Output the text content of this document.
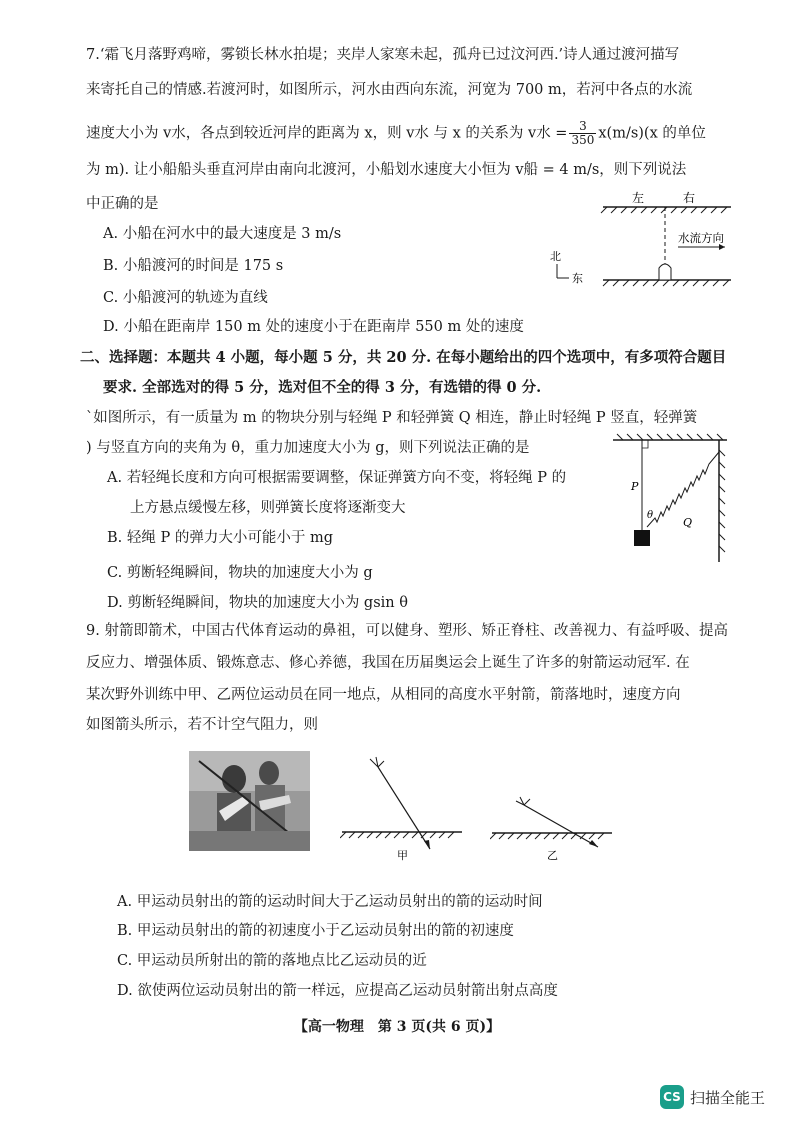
7.‘霜飞月落野鸡啼，雾锁长林水拍堤；夹岸人家寒未起，孤舟已过汶河西.’诗人通过渡河描写
来寄托自己的情感.若渡河时，如图所示，河水由西向东流，河宽为 700 m，若河中各点的水流
速度大小为 v水，各点到较近河岸的距离为 x，则 v水 与 x 的关系为 v水 = $\frac{3}{350} x(m/s)(x$ 的单位
为 m). 让小船船头垂直河岸由南向北渡河，小船划水速度大小恒为 v船 = 4 m/s，则下列说法
中正确的是
A. 小船在河水中的最大速度是 3 m/s
B. 小船渡河的时间是 175 s
C. 小船渡河的轨迹为直线
D. 小船在距南岸 150 m 处的速度小于在距南岸 550 m 处的速度
左	右
水流方向
北
东
二、选择题：本题共 4 小题，每小题 5 分，共 20 分. 在每小题给出的四个选项中，有多项符合题目
要求. 全部选对的得 5 分，选对但不全的得 3 分，有选错的得 0 分.
`如图所示，有一质量为 m 的物块分别与轻绳 P 和轻弹簧 Q 相连，静止时轻绳 P 竖直，轻弹簧
) 与竖直方向的夹角为 θ，重力加速度大小为 g，则下列说法正确的是
A. 若轻绳长度和方向可根据需要调整，保证弹簧方向不变，将轻绳 P 的
上方悬点缓慢左移，则弹簧长度将逐渐变大
B. 轻绳 P 的弹力大小可能小于 mg
C. 剪断轻绳瞬间，物块的加速度大小为 g
D. 剪断轻绳瞬间，物块的加速度大小为 gsin θ
P
Q
θ
9. 射箭即箭术，中国古代体育运动的鼻祖，可以健身、塑形、矫正脊柱、改善视力、有益呼吸、提高
反应力、增强体质、锻炼意志、修心养德，我国在历届奥运会上诞生了许多的射箭运动冠军. 在
某次野外训练中甲、乙两位运动员在同一地点，从相同的高度水平射箭，箭落地时，速度方向
如图箭头所示，若不计空气阻力，则
甲	乙
A. 甲运动员射出的箭的运动时间大于乙运动员射出的箭的运动时间
B. 甲运动员射出的箭的初速度小于乙运动员射出的箭的初速度
C. 甲运动员所射出的箭的落地点比乙运动员的近
D. 欲使两位运动员射出的箭一样远，应提高乙运动员射箭出射点高度
【高一物理　第 3 页(共 6 页)】
CS 扫描全能王
